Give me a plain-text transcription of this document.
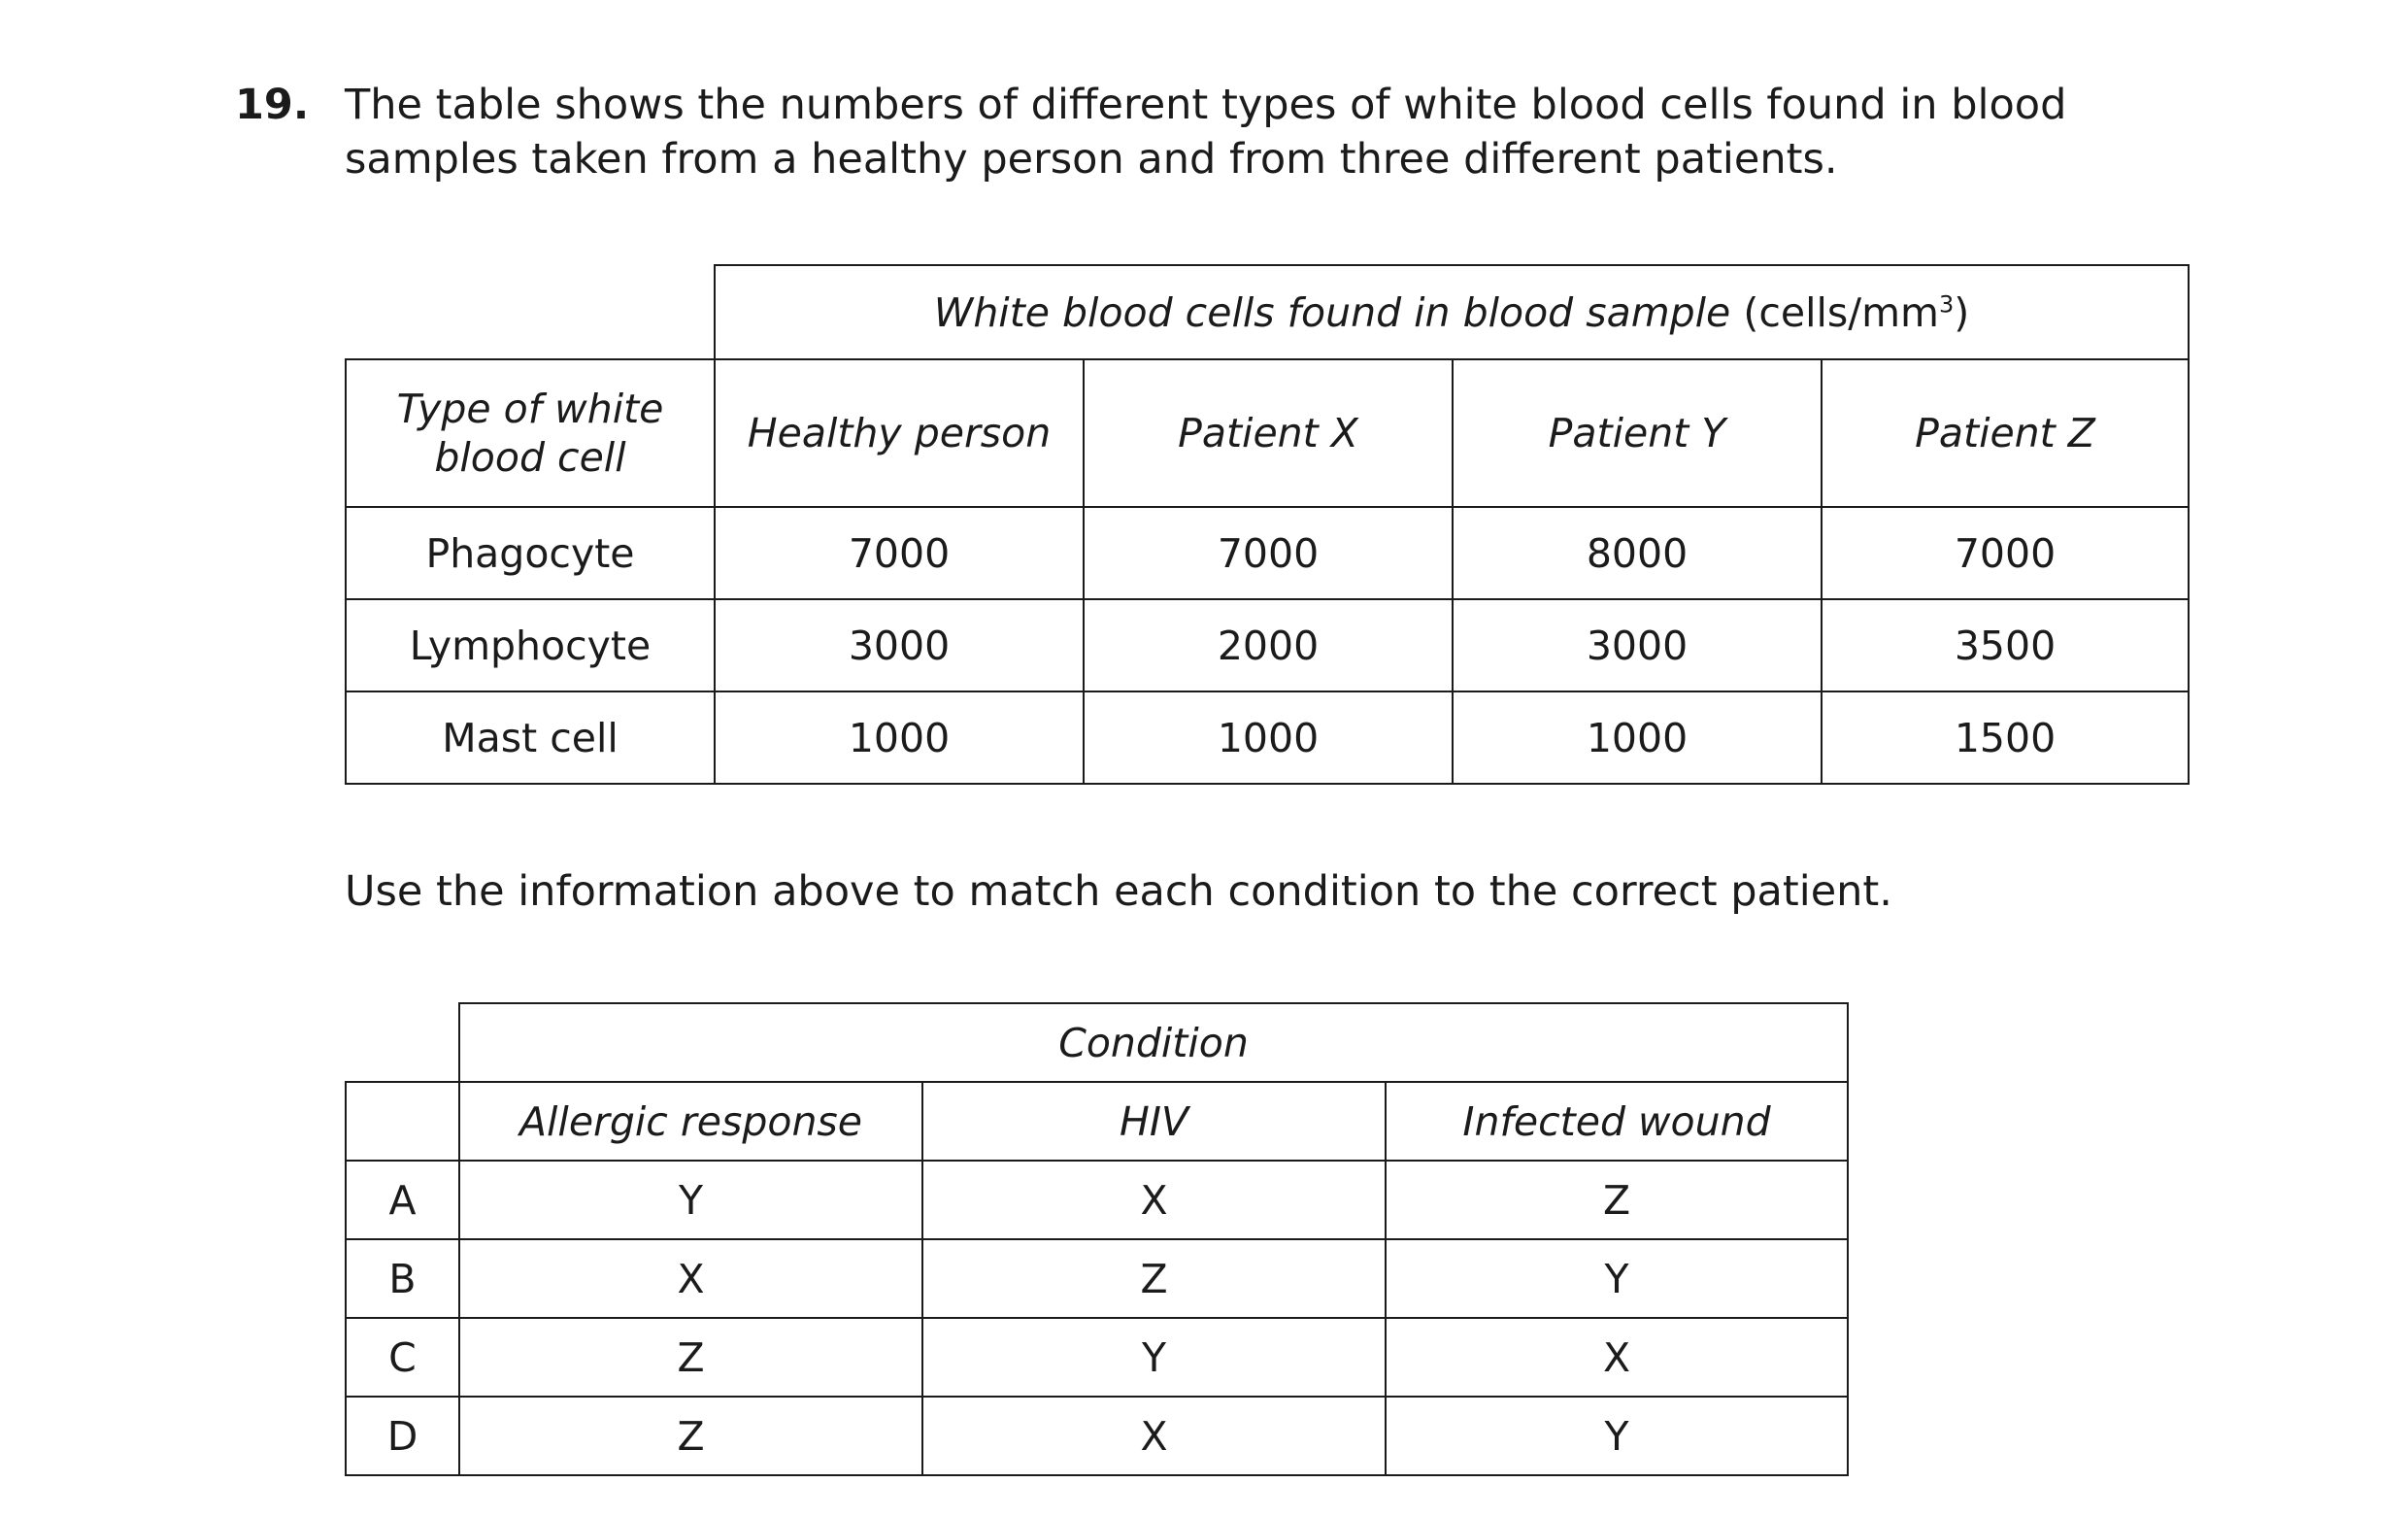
19. The table shows the numbers of different types of white blood cells found in blood samples taken from a healthy person and from three different patients.
	White blood cells found in blood sample $(cells/mm^3)$			

Type of white
blood cell	Healthy person	Patient X	Patient Y	Patient Z
Phagocyte	7000	7000	8000	7000
Lymphocyte	3000	2000	3000	3500
Mast cell	1000	1000	1000	1500
Use the information above to match each condition to the correct patient.
	Condition		
	Allergic response	HIV	Infected wound
A	Y	X	Z
B	X	Z	Y
C	Z	Y	X
D	Z	X	Y
